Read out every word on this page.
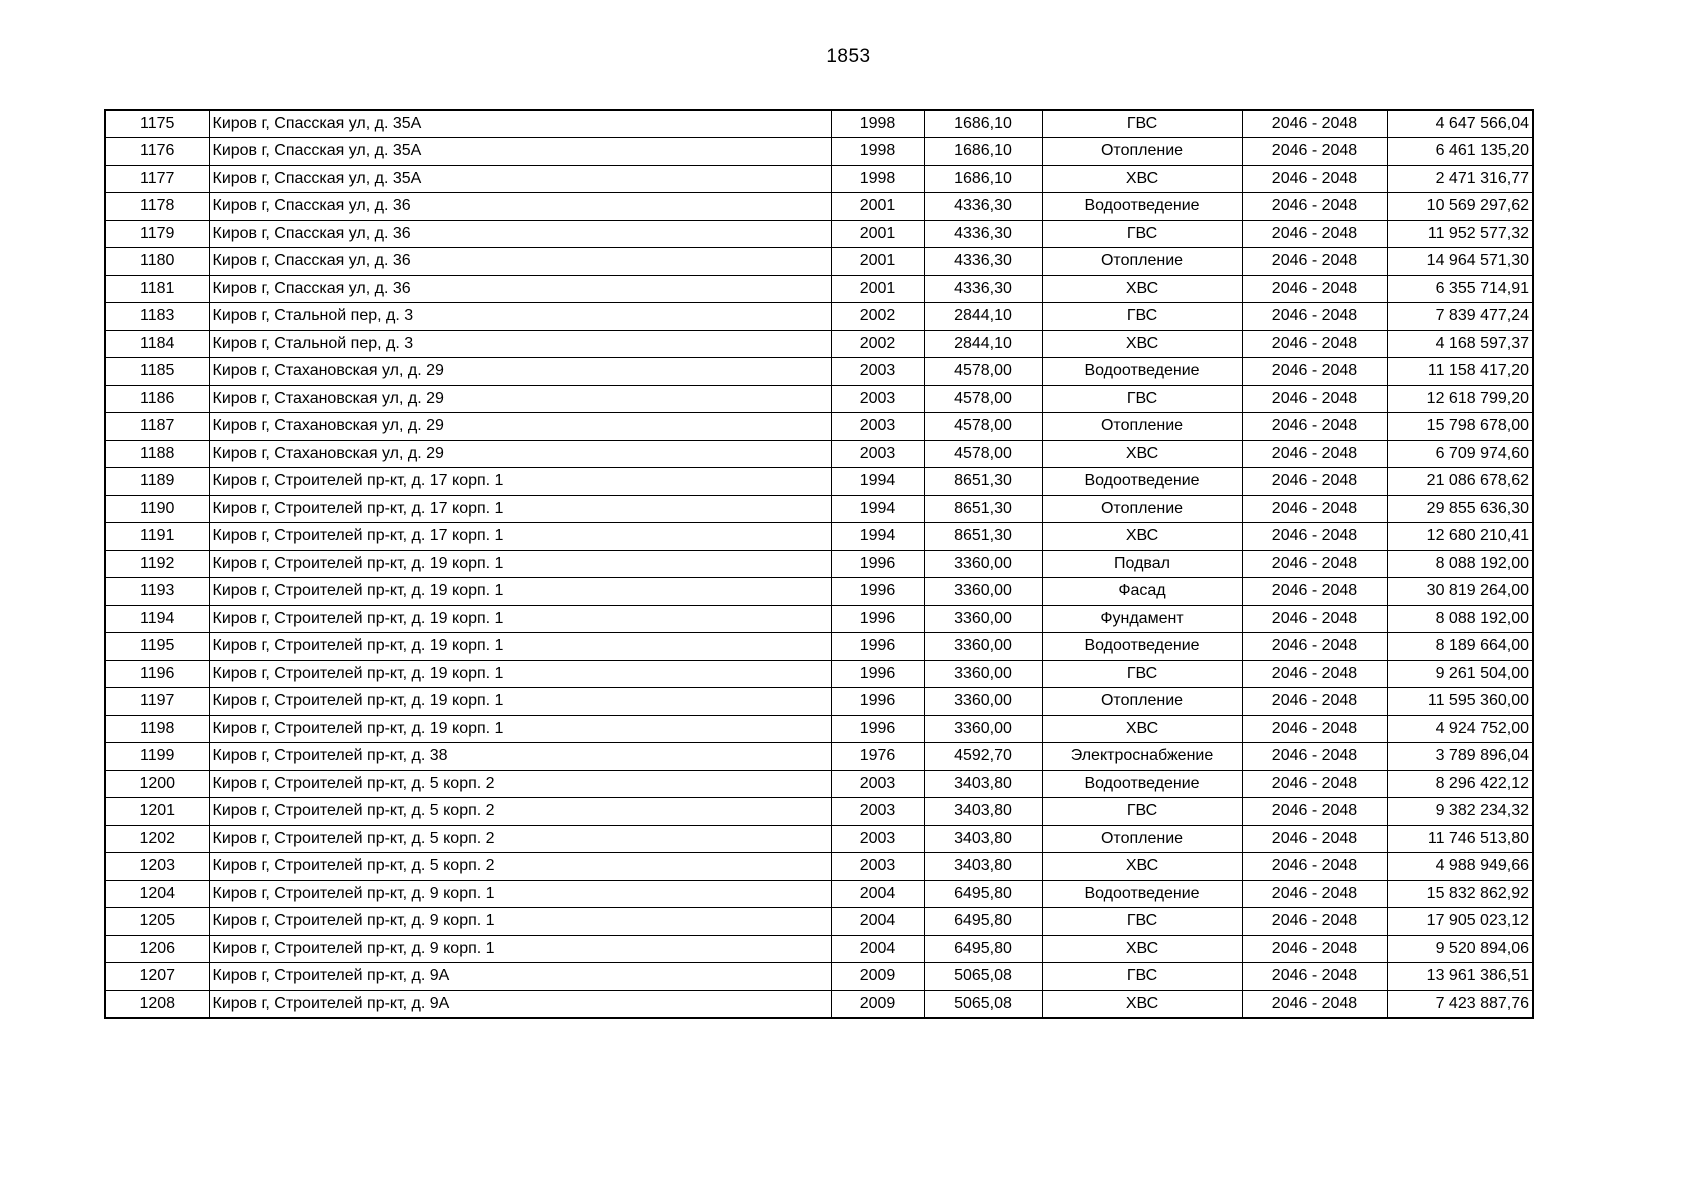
1853
1175	Киров г, Спасская ул, д. 35А	1998	1686,10	ГВС	2046 - 2048	4 647 566,04
1176	Киров г, Спасская ул, д. 35А	1998	1686,10	Отопление	2046 - 2048	6 461 135,20
1177	Киров г, Спасская ул, д. 35А	1998	1686,10	ХВС	2046 - 2048	2 471 316,77
1178	Киров г, Спасская ул, д. 36	2001	4336,30	Водоотведение	2046 - 2048	10 569 297,62
1179	Киров г, Спасская ул, д. 36	2001	4336,30	ГВС	2046 - 2048	11 952 577,32
1180	Киров г, Спасская ул, д. 36	2001	4336,30	Отопление	2046 - 2048	14 964 571,30
1181	Киров г, Спасская ул, д. 36	2001	4336,30	ХВС	2046 - 2048	6 355 714,91
1183	Киров г, Стальной пер, д. 3	2002	2844,10	ГВС	2046 - 2048	7 839 477,24
1184	Киров г, Стальной пер, д. 3	2002	2844,10	ХВС	2046 - 2048	4 168 597,37
1185	Киров г, Стахановская ул, д. 29	2003	4578,00	Водоотведение	2046 - 2048	11 158 417,20
1186	Киров г, Стахановская ул, д. 29	2003	4578,00	ГВС	2046 - 2048	12 618 799,20
1187	Киров г, Стахановская ул, д. 29	2003	4578,00	Отопление	2046 - 2048	15 798 678,00
1188	Киров г, Стахановская ул, д. 29	2003	4578,00	ХВС	2046 - 2048	6 709 974,60
1189	Киров г, Строителей пр-кт, д. 17 корп. 1	1994	8651,30	Водоотведение	2046 - 2048	21 086 678,62
1190	Киров г, Строителей пр-кт, д. 17 корп. 1	1994	8651,30	Отопление	2046 - 2048	29 855 636,30
1191	Киров г, Строителей пр-кт, д. 17 корп. 1	1994	8651,30	ХВС	2046 - 2048	12 680 210,41
1192	Киров г, Строителей пр-кт, д. 19 корп. 1	1996	3360,00	Подвал	2046 - 2048	8 088 192,00
1193	Киров г, Строителей пр-кт, д. 19 корп. 1	1996	3360,00	Фасад	2046 - 2048	30 819 264,00
1194	Киров г, Строителей пр-кт, д. 19 корп. 1	1996	3360,00	Фундамент	2046 - 2048	8 088 192,00
1195	Киров г, Строителей пр-кт, д. 19 корп. 1	1996	3360,00	Водоотведение	2046 - 2048	8 189 664,00
1196	Киров г, Строителей пр-кт, д. 19 корп. 1	1996	3360,00	ГВС	2046 - 2048	9 261 504,00
1197	Киров г, Строителей пр-кт, д. 19 корп. 1	1996	3360,00	Отопление	2046 - 2048	11 595 360,00
1198	Киров г, Строителей пр-кт, д. 19 корп. 1	1996	3360,00	ХВС	2046 - 2048	4 924 752,00
1199	Киров г, Строителей пр-кт, д. 38	1976	4592,70	Электроснабжение	2046 - 2048	3 789 896,04
1200	Киров г, Строителей пр-кт, д. 5 корп. 2	2003	3403,80	Водоотведение	2046 - 2048	8 296 422,12
1201	Киров г, Строителей пр-кт, д. 5 корп. 2	2003	3403,80	ГВС	2046 - 2048	9 382 234,32
1202	Киров г, Строителей пр-кт, д. 5 корп. 2	2003	3403,80	Отопление	2046 - 2048	11 746 513,80
1203	Киров г, Строителей пр-кт, д. 5 корп. 2	2003	3403,80	ХВС	2046 - 2048	4 988 949,66
1204	Киров г, Строителей пр-кт, д. 9 корп. 1	2004	6495,80	Водоотведение	2046 - 2048	15 832 862,92
1205	Киров г, Строителей пр-кт, д. 9 корп. 1	2004	6495,80	ГВС	2046 - 2048	17 905 023,12
1206	Киров г, Строителей пр-кт, д. 9 корп. 1	2004	6495,80	ХВС	2046 - 2048	9 520 894,06
1207	Киров г, Строителей пр-кт, д. 9А	2009	5065,08	ГВС	2046 - 2048	13 961 386,51
1208	Киров г, Строителей пр-кт, д. 9А	2009	5065,08	ХВС	2046 - 2048	7 423 887,76
